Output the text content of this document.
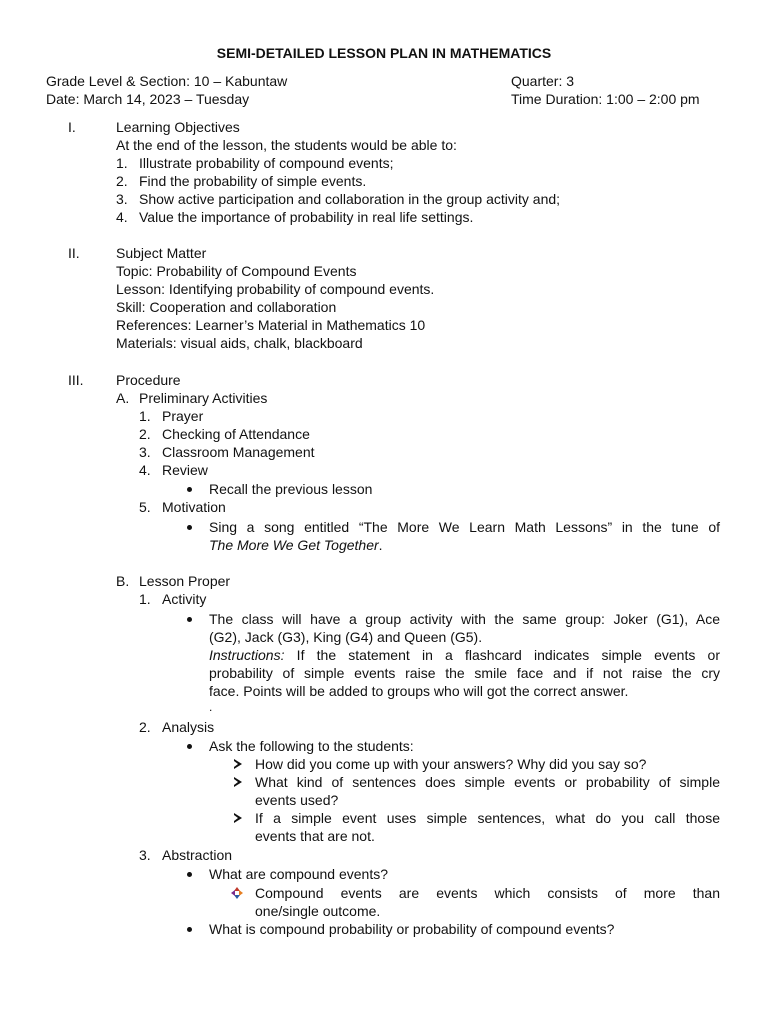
SEMI-DETAILED LESSON PLAN IN MATHEMATICS
Grade Level & Section: 10 – Kabuntaw	Quarter: 3
Date: March 14, 2023 – Tuesday	Time Duration: 1:00 – 2:00 pm
I.	Learning Objectives
At the end of the lesson, the students would be able to:
1. Illustrate probability of compound events;
2. Find the probability of simple events.
3. Show active participation and collaboration in the group activity and;
4. Value the importance of probability in real life settings.
II.	Subject Matter
Topic: Probability of Compound Events
Lesson: Identifying probability of compound events.
Skill: Cooperation and collaboration
References: Learner’s Material in Mathematics 10
Materials: visual aids, chalk, blackboard
III. Procedure
A. Preliminary Activities
1. Prayer
2. Checking of Attendance
3. Classroom Management
4. Review
Recall the previous lesson
5. Motivation
Sing a song entitled “The More We Learn Math Lessons” in the tune of
The More We Get Together.
B. Lesson Proper
1. Activity
The class will have a group activity with the same group: Joker (G1), Ace
(G2), Jack (G3), King (G4) and Queen (G5).
Instructions: If the statement in a flashcard indicates simple events or
probability of simple events raise the smile face and if not raise the cry
face. Points will be added to groups who will got the correct answer.
.
2. Analysis
Ask the following to the students:
How did you come up with your answers? Why did you say so?
What kind of sentences does simple events or probability of simple
events used?
If a simple event uses simple sentences, what do you call those
events that are not.
3. Abstraction
What are compound events?
Compound events are events which consists of more than
one/single outcome.
What is compound probability or probability of compound events?
